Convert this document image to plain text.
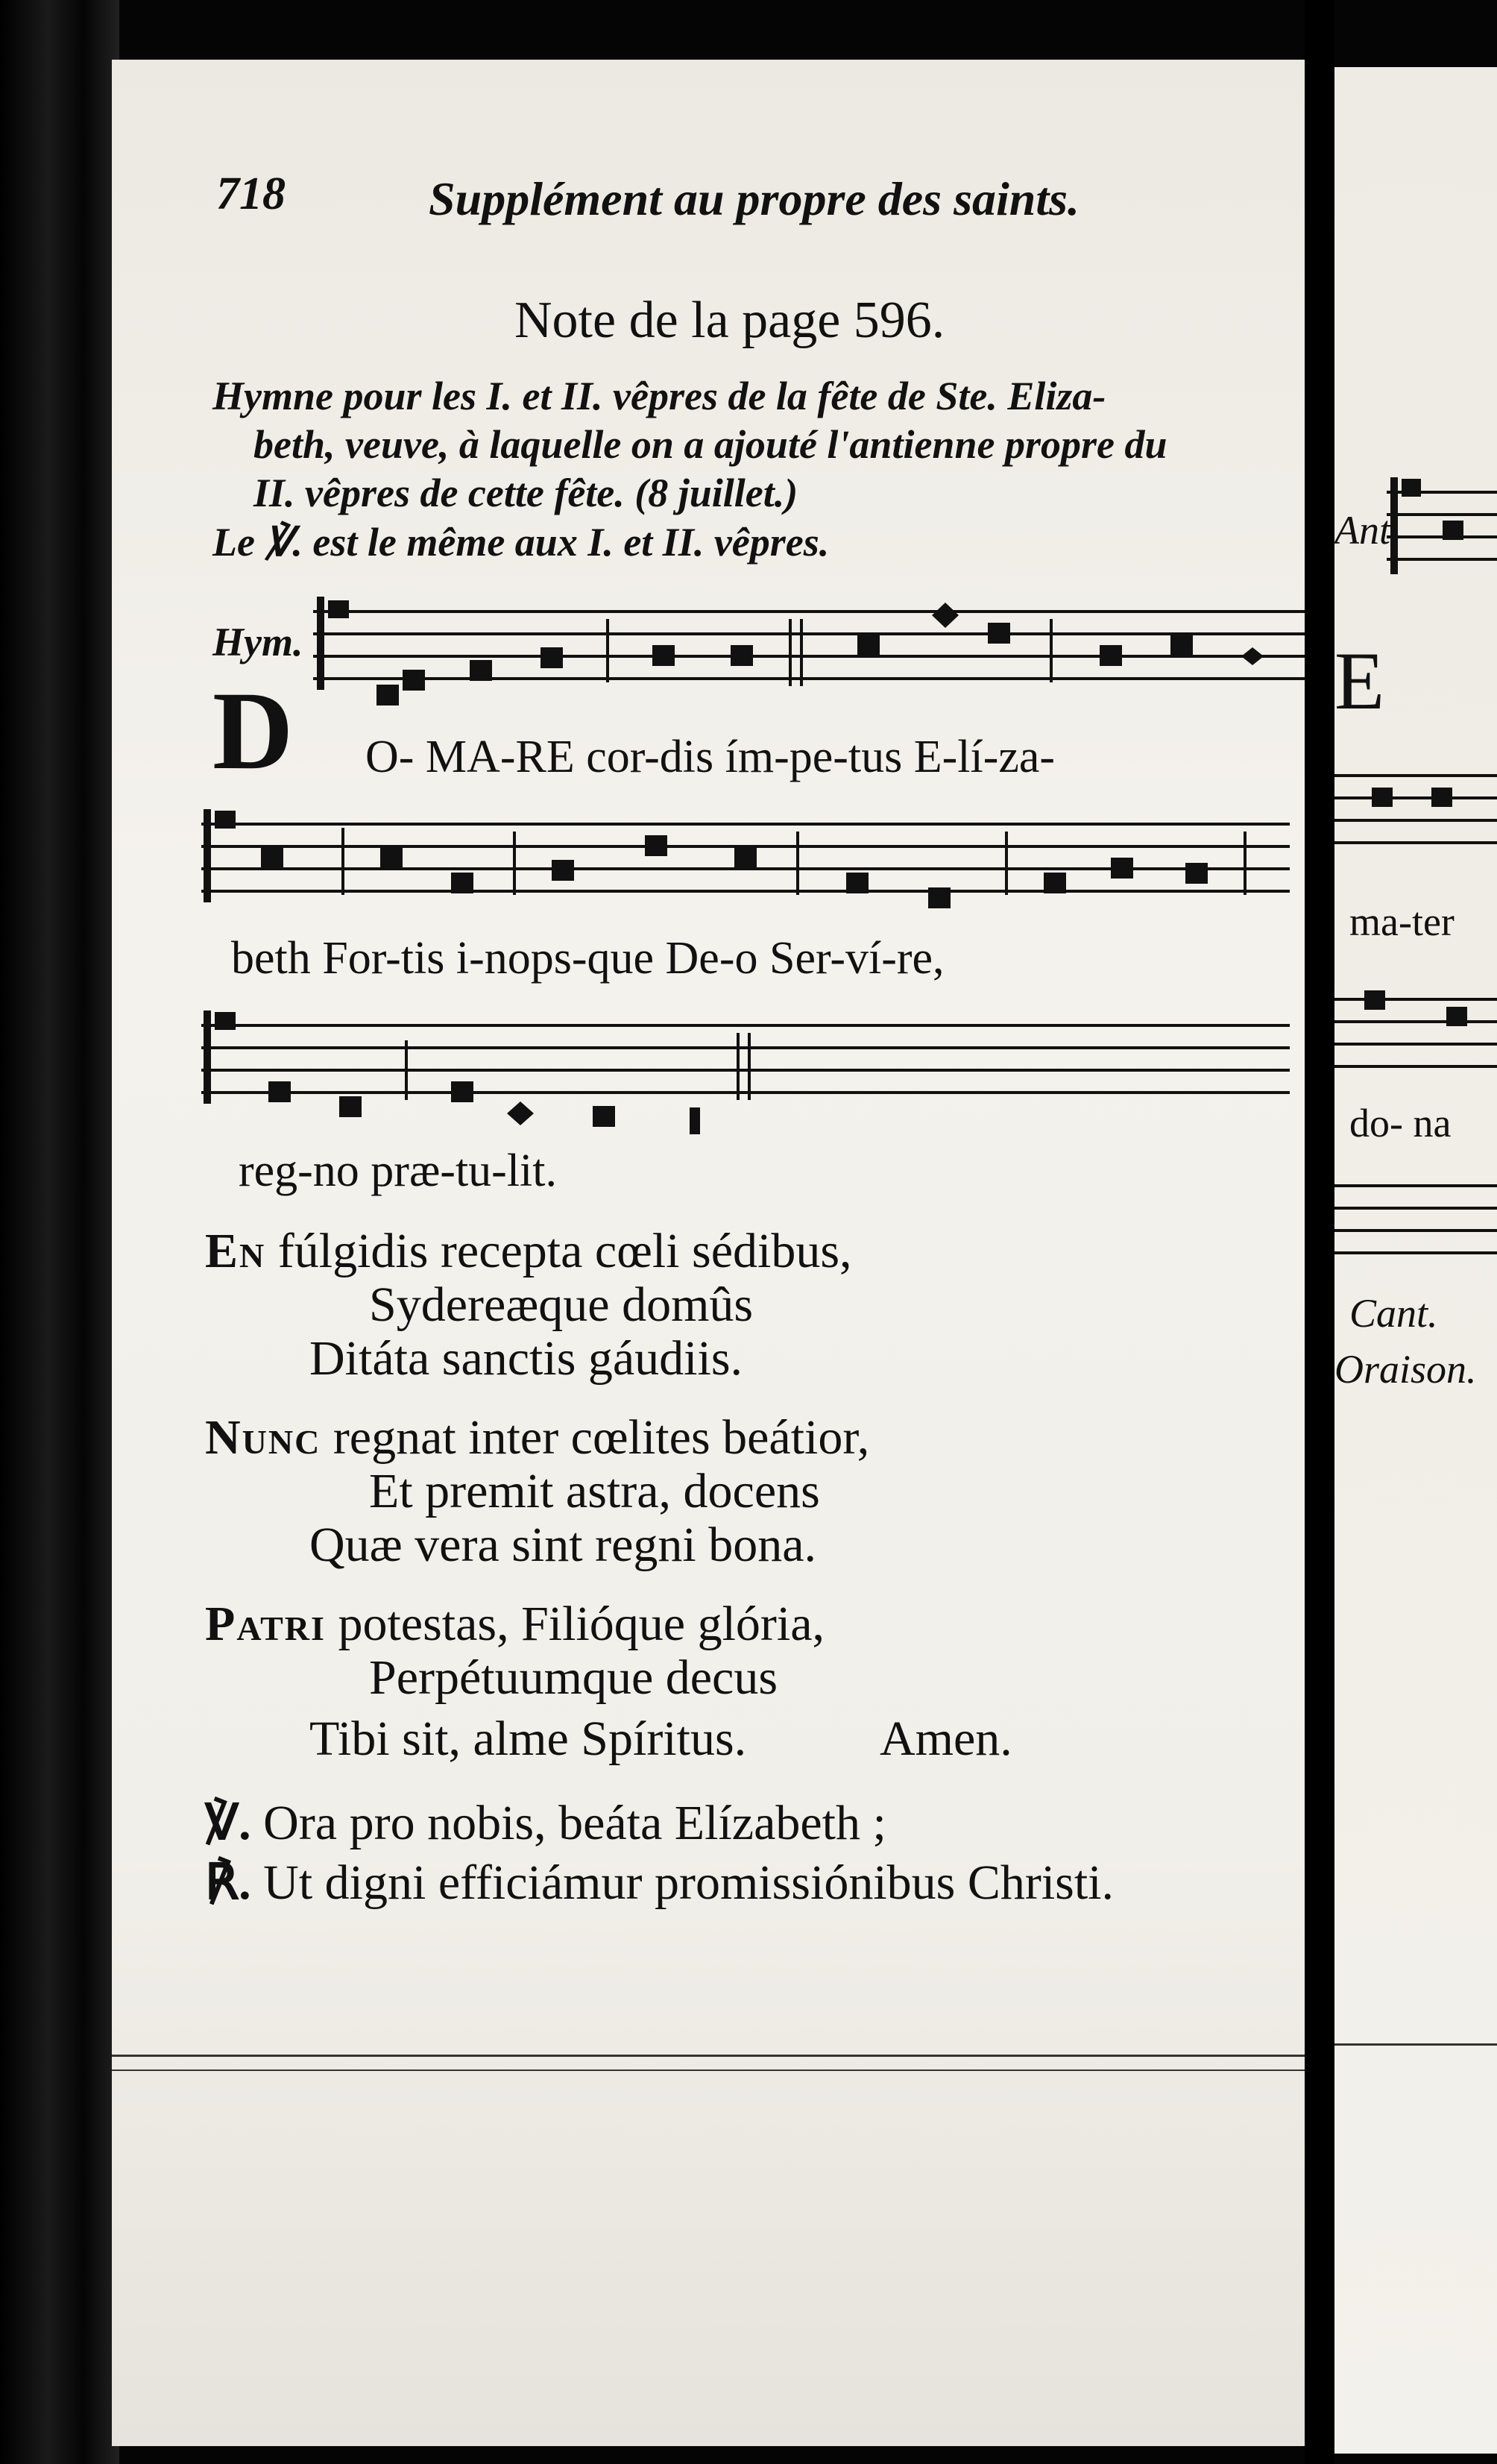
718	Supplément au propre des saints.
Note de la page 596.
Hymne pour les I. et II. vêpres de la fête de Ste. Eliza-
beth, veuve, à laquelle on a ajouté l'antienne propre du
II. vêpres de cette fête. (8 juillet.)
Le ℣. est le même aux I. et II. vêpres.
Hym.
D O- MA-RE cor-dis ím-pe-tus E-lí-za-
beth For-tis i-nops-que De-o Ser-ví-re,
reg-no præ-tu-lit.
En fúlgidis recepta cœli sédibus,
Sydereæque domûs
Ditáta sanctis gáudiis.
Nunc regnat inter cœlites beátior,
Et premit astra, docens
Quæ vera sint regni bona.
Patri potestas, Filióque glória,
Perpétuumque decus
Tibi sit, alme Spíritus.	Amen.
℣. Ora pro nobis, beáta Elízabeth ;
℟. Ut digni efficiámur promissiónibus Christi.
Ant.
E
ma-ter
do- na
Cant.
Oraison.
